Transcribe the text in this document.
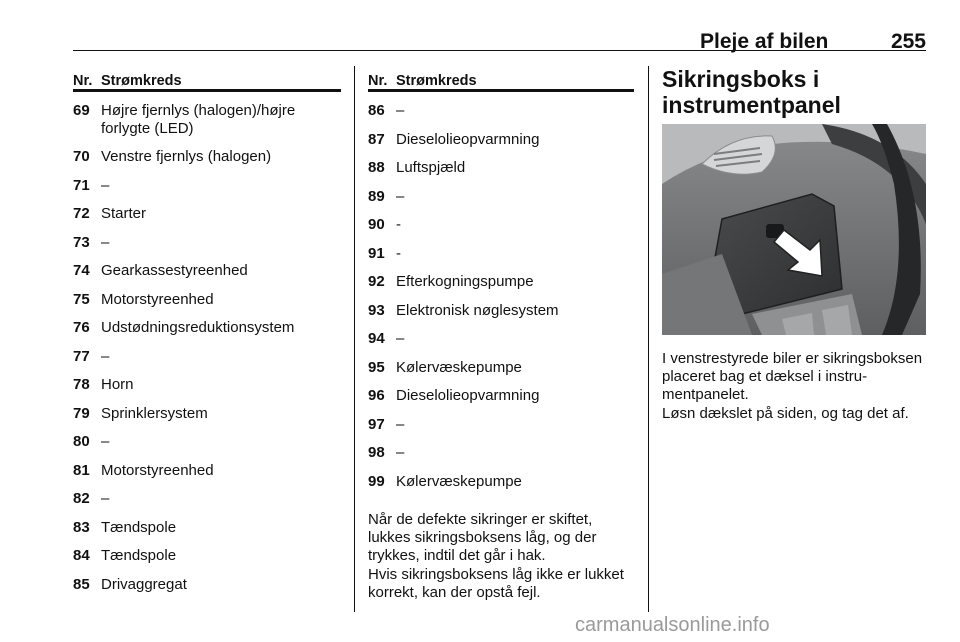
Pleje af bilen	255
Nr. Strømkreds
69 Højre fjernlys (halogen)/højre forlygte (LED)
70 Venstre fjernlys (halogen)
71 –
72 Starter
73 –
74 Gearkassestyreenhed
75 Motorstyreenhed
76 Udstødningsreduktionsystem
77 –
78 Horn
79 Sprinklersystem
80 –
81 Motorstyreenhed
82 –
83 Tændspole
84 Tændspole
85 Drivaggregat
Nr. Strømkreds
86 –
87 Dieselolieopvarmning
88 Luftspjæld
89 –
90 -
91 -
92 Efterkogningspumpe
93 Elektronisk nøglesystem
94 –
95 Kølervæskepumpe
96 Dieselolieopvarmning
97 –
98 –
99 Kølervæskepumpe
Når de defekte sikringer er skiftet, lukkes sikringsboksens låg, og der trykkes, indtil det går i hak.
Hvis sikringsboksens låg ikke er lukket korrekt, kan der opstå fejl.
Sikringsboks i instrumentpanel
I venstrestyrede biler er sikringsboksen placeret bag et dæksel i instrumentpanelet.
Løsn dækslet på siden, og tag det af.
carmanualsonline.info
